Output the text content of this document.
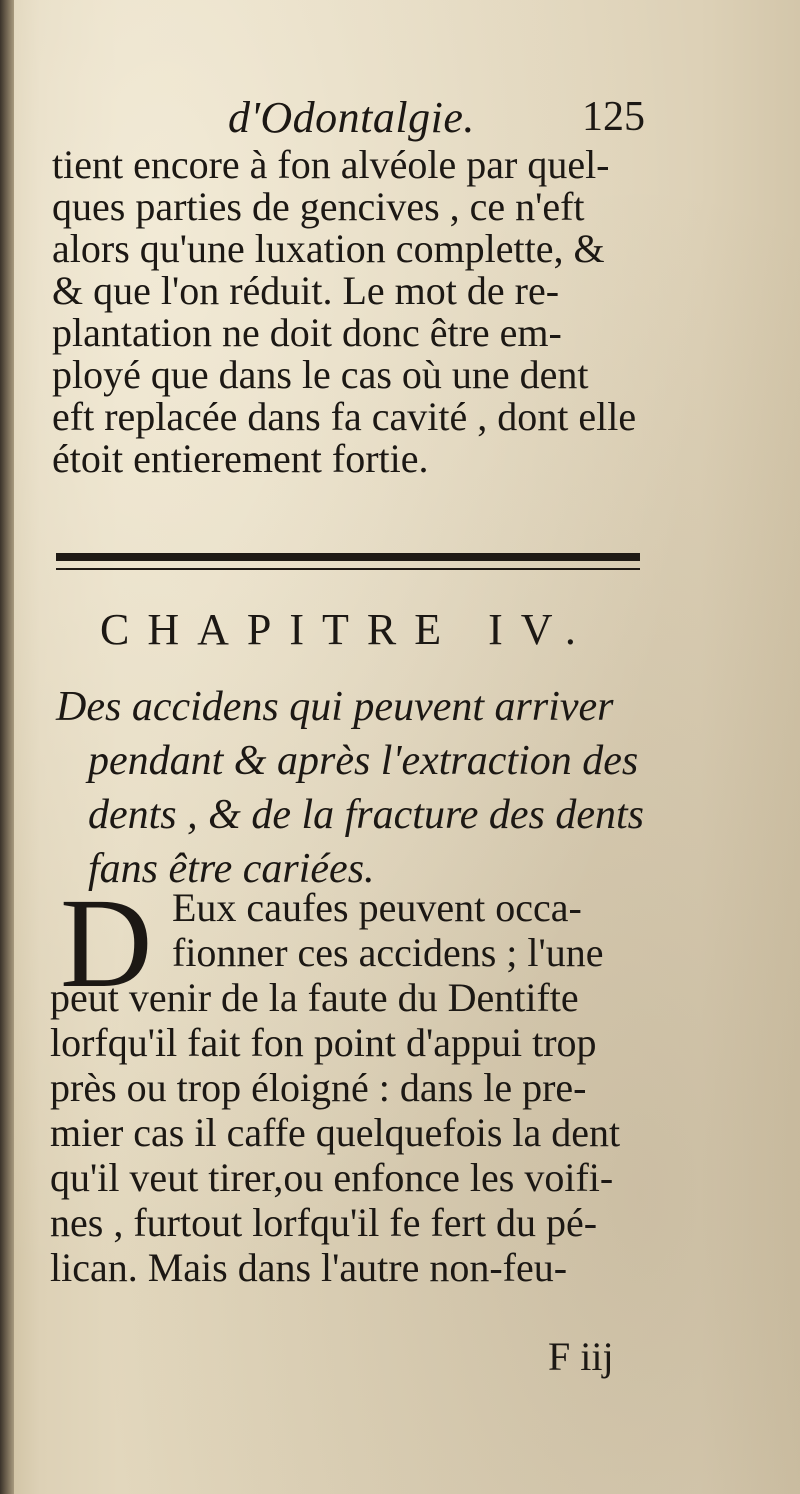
d'Odontalgie.	125
tient encore à fon alvéole par quel-
ques parties de gencives , ce n'eft
alors qu'une luxation complette, &
& que l'on réduit. Le mot de re-
plantation ne doit donc être em-
ployé que dans le cas où une dent
eft replacée dans fa cavité , dont elle
étoit entierement fortie.
CHAPITRE IV.
Des accidens qui peuvent arriver
pendant & après l'extraction des
dents , & de la fracture des dents
fans être cariées.
D Eux caufes peuvent occa-
fionner ces accidens ; l'une
peut venir de la faute du Dentifte
lorfqu'il fait fon point d'appui trop
près ou trop éloigné : dans le pre-
mier cas il caffe quelquefois la dent
qu'il veut tirer,ou enfonce les voifi-
nes , furtout lorfqu'il fe fert du pé-
lican. Mais dans l'autre non-feu-
F iij
